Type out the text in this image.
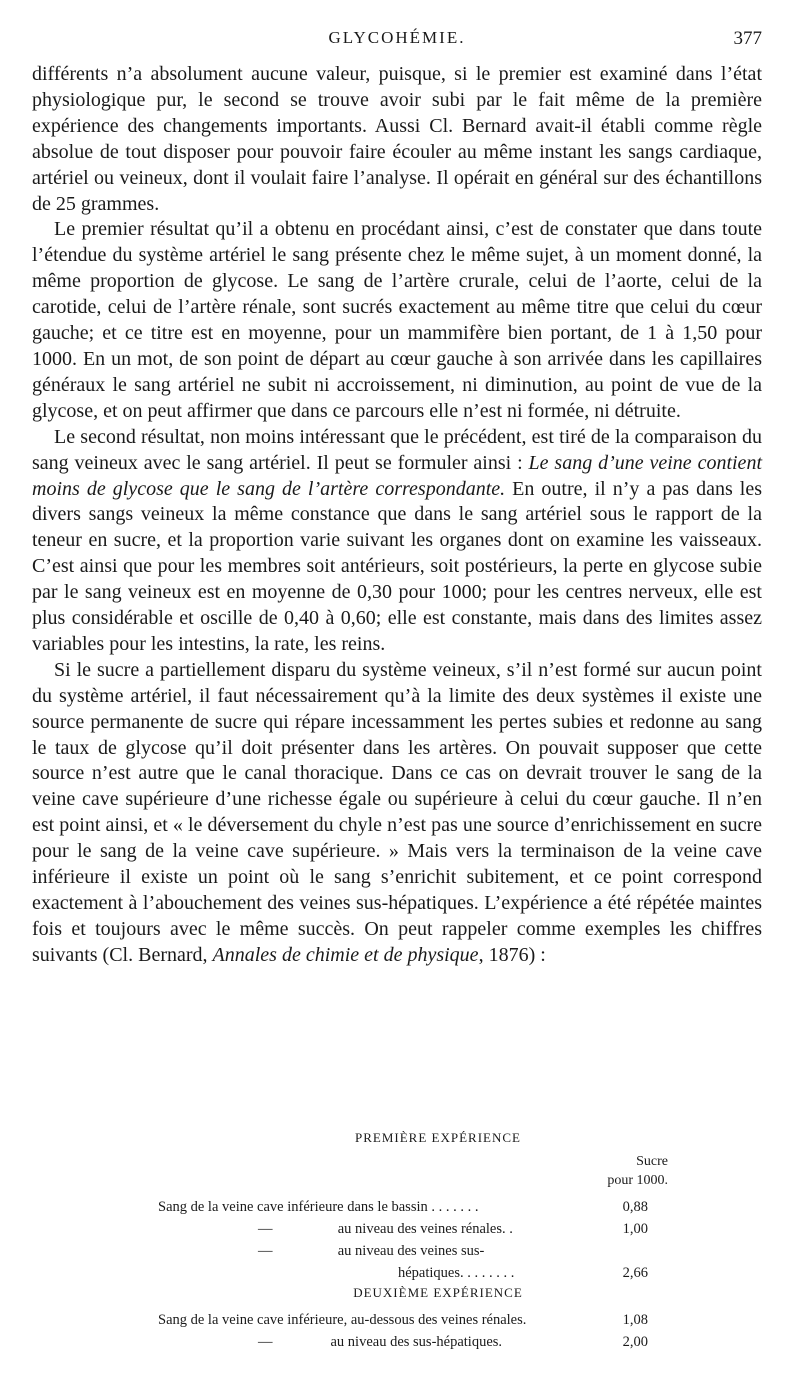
GLYCOHÉMIE.	377

différents n’a absolument aucune valeur, puisque, si le premier est examiné dans l’état physiologique pur, le second se trouve avoir subi par le fait même de la première expérience des changements importants. Aussi Cl. Bernard avait-il établi comme règle absolue de tout disposer pour pouvoir faire écouler au même instant les sangs cardiaque, artériel ou veineux, dont il voulait faire l’analyse. Il opérait en général sur des échantillons de 25 grammes.

Le premier résultat qu’il a obtenu en procédant ainsi, c’est de constater que dans toute l’étendue du système artériel le sang présente chez le même sujet, à un moment donné, la même proportion de glycose. Le sang de l’artère crurale, celui de l’aorte, celui de la carotide, celui de l’artère rénale, sont sucrés exactement au même titre que celui du cœur gauche; et ce titre est en moyenne, pour un mammifère bien portant, de 1 à 1,50 pour 1000. En un mot, de son point de départ au cœur gauche à son arrivée dans les capillaires généraux le sang artériel ne subit ni accroissement, ni diminution, au point de vue de la glycose, et on peut affirmer que dans ce parcours elle n’est ni formée, ni détruite.

Le second résultat, non moins intéressant que le précédent, est tiré de la comparaison du sang veineux avec le sang artériel. Il peut se formuler ainsi : Le sang d’une veine contient moins de glycose que le sang de l’artère correspondante. En outre, il n’y a pas dans les divers sangs veineux la même constance que dans le sang artériel sous le rapport de la teneur en sucre, et la proportion varie suivant les organes dont on examine les vaisseaux. C’est ainsi que pour les membres soit antérieurs, soit postérieurs, la perte en glycose subie par le sang veineux est en moyenne de 0,30 pour 1000; pour les centres nerveux, elle est plus considérable et oscille de 0,40 à 0,60; elle est constante, mais dans des limites assez variables pour les intestins, la rate, les reins.

Si le sucre a partiellement disparu du système veineux, s’il n’est formé sur aucun point du système artériel, il faut nécessairement qu’à la limite des deux systèmes il existe une source permanente de sucre qui répare incessamment les pertes subies et redonne au sang le taux de glycose qu’il doit présenter dans les artères. On pouvait supposer que cette source n’est autre que le canal thoracique. Dans ce cas on devrait trouver le sang de la veine cave supérieure d’une richesse égale ou supérieure à celui du cœur gauche. Il n’en est point ainsi, et « le déversement du chyle n’est pas une source d’enrichissement en sucre pour le sang de la veine cave supérieure. » Mais vers la terminaison de la veine cave inférieure il existe un point où le sang s’enrichit subitement, et ce point correspond exactement à l’abouchement des veines sus-hépatiques. L’expérience a été répétée maintes fois et toujours avec le même succès. On peut rappeler comme exemples les chiffres suivants (Cl. Bernard, Annales de chimie et de physique, 1876) :

PREMIÈRE EXPÉRIENCE
Sucre
pour 1000.
Sang de la veine cave inférieure dans le bassin . . . . . . .	0,88
—                  au niveau des veines rénales. .	1,00
—                  au niveau des veines sus-
hépatiques. . . . . . . .	2,66
DEUXIÈME EXPÉRIENCE
Sang de la veine cave inférieure, au-dessous des veines rénales.	1,08
—                au niveau des sus-hépatiques.	2,00
